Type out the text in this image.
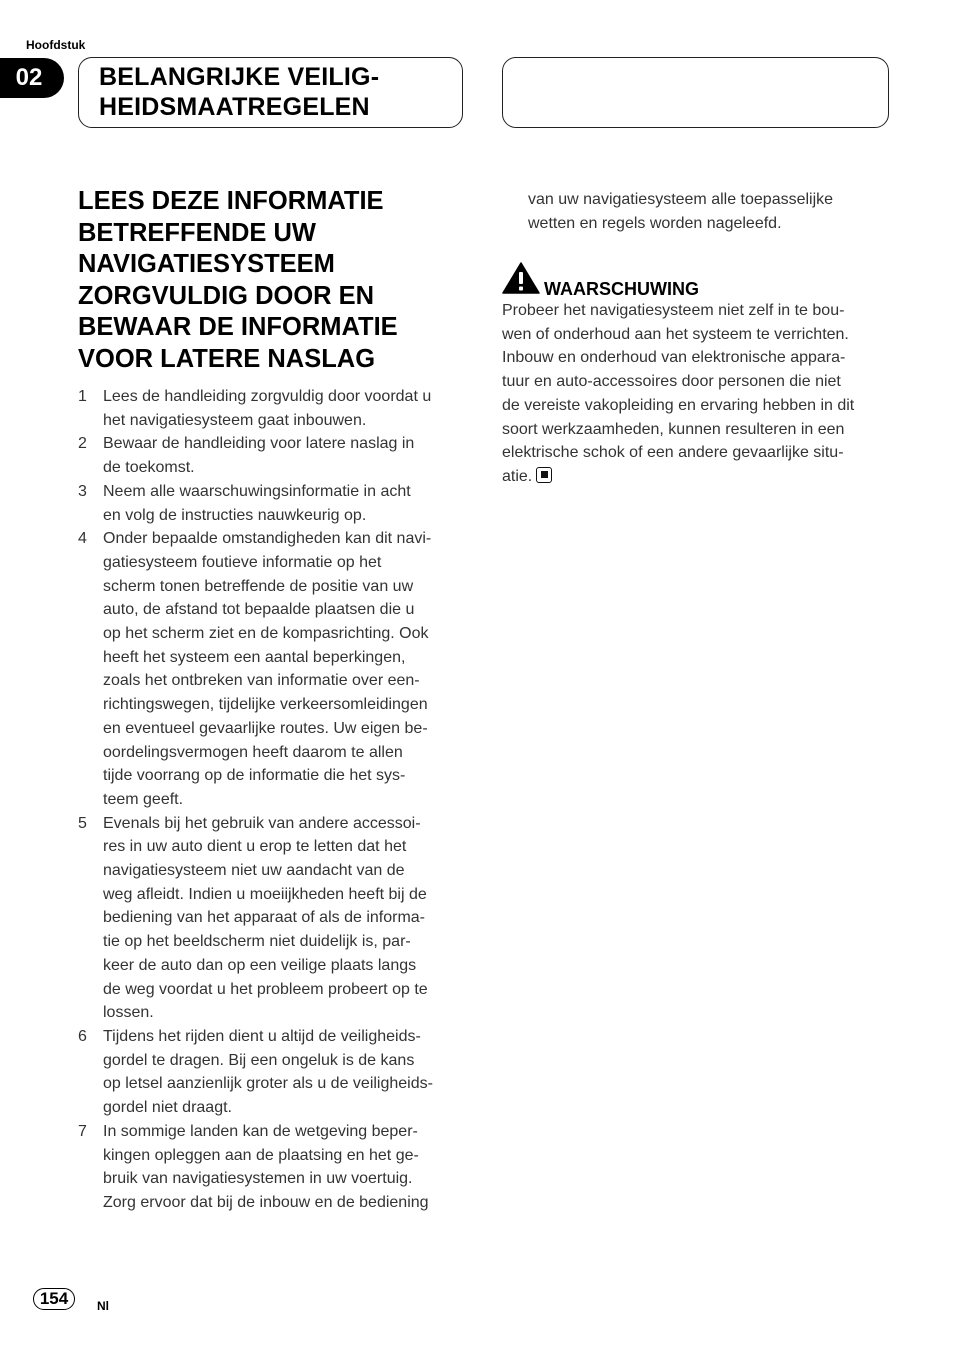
Hoofdstuk
02	BELANGRIJKE VEILIG-
HEIDSMAATREGELEN
LEES DEZE INFORMATIE
BETREFFENDE UW
NAVIGATIESYSTEEM
ZORGVULDIG DOOR EN
BEWAAR DE INFORMATIE
VOOR LATERE NASLAG
1 Lees de handleiding zorgvuldig door voordat u
het navigatiesysteem gaat inbouwen.
2 Bewaar de handleiding voor latere naslag in
de toekomst.
3 Neem alle waarschuwingsinformatie in acht
en volg de instructies nauwkeurig op.
4 Onder bepaalde omstandigheden kan dit navi-
gatiesysteem foutieve informatie op het
scherm tonen betreffende de positie van uw
auto, de afstand tot bepaalde plaatsen die u
op het scherm ziet en de kompasrichting. Ook
heeft het systeem een aantal beperkingen,
zoals het ontbreken van informatie over een-
richtingswegen, tijdelijke verkeersomleidingen
en eventueel gevaarlijke routes. Uw eigen be-
oordelingsvermogen heeft daarom te allen
tijde voorrang op de informatie die het sys-
teem geeft.
5 Evenals bij het gebruik van andere accessoi-
res in uw auto dient u erop te letten dat het
navigatiesysteem niet uw aandacht van de
weg afleidt. Indien u moeiijkheden heeft bij de
bediening van het apparaat of als de informa-
tie op het beeldscherm niet duidelijk is, par-
keer de auto dan op een veilige plaats langs
de weg voordat u het probleem probeert op te
lossen.
6 Tijdens het rijden dient u altijd de veiligheids-
gordel te dragen. Bij een ongeluk is de kans
op letsel aanzienlijk groter als u de veiligheids-
gordel niet draagt.
7 In sommige landen kan de wetgeving beper-
kingen opleggen aan de plaatsing en het ge-
bruik van navigatiesystemen in uw voertuig.
Zorg ervoor dat bij de inbouw en de bediening
van uw navigatiesysteem alle toepasselijke
wetten en regels worden nageleefd.
WAARSCHUWING
Probeer het navigatiesysteem niet zelf in te bou-
wen of onderhoud aan het systeem te verrichten.
Inbouw en onderhoud van elektronische appara-
tuur en auto-accessoires door personen die niet
de vereiste vakopleiding en ervaring hebben in dit
soort werkzaamheden, kunnen resulteren in een
elektrische schok of een andere gevaarlijke situ-
atie.
154	Nl
